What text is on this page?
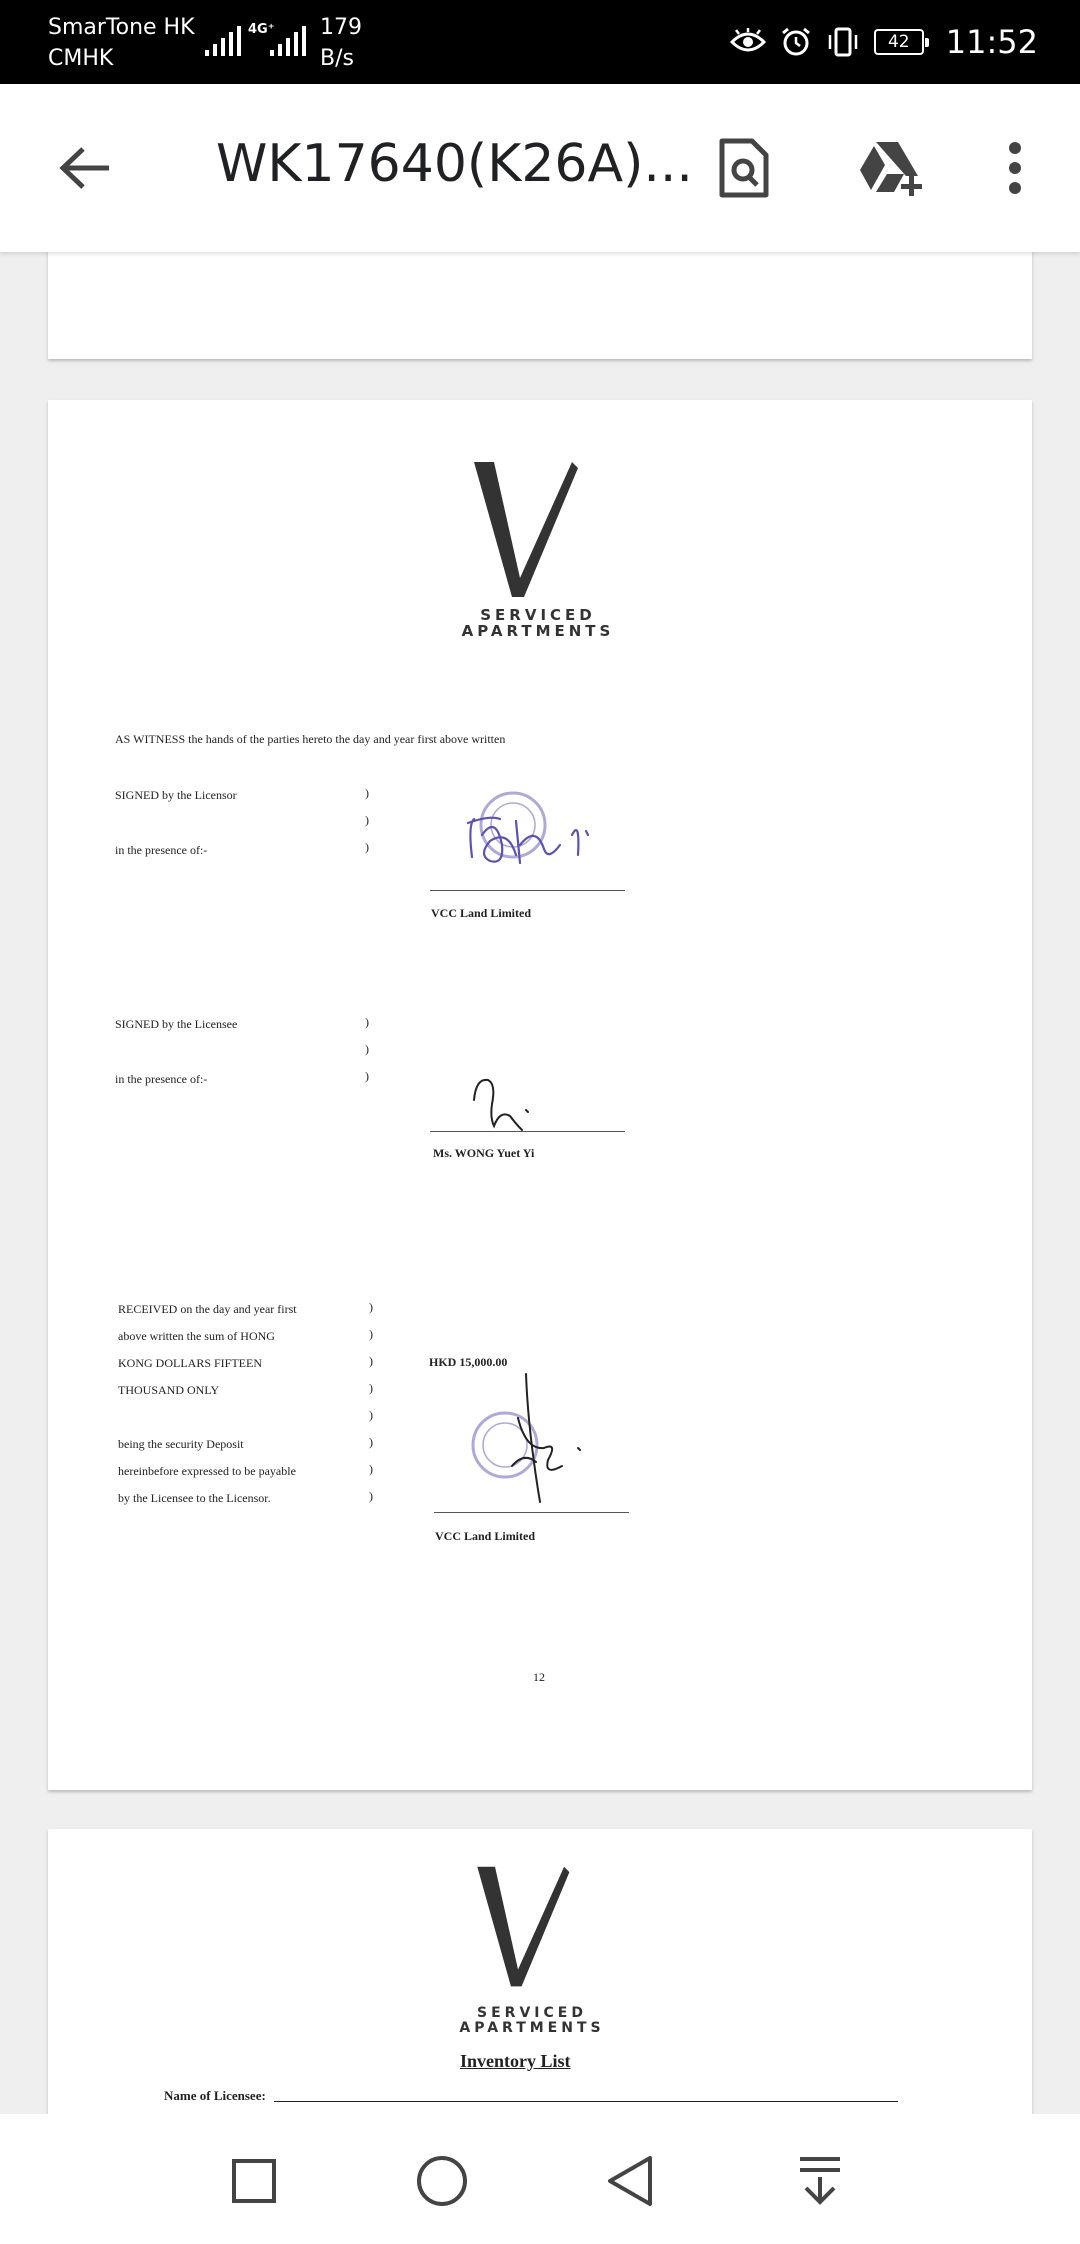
SmarTone HK
CMHK
4G⁺ 179
B/s
42 11:52
WK17640(K26A)...
SERVICED
APARTMENTS
AS WITNESS the hands of the parties hereto the day and year first above written
SIGNED by the Licensor	)
)
in the presence of:-	)
VCC Land Limited
SIGNED by the Licensee	)
)
in the presence of:-	)
Ms. WONG Yuet Yi
RECEIVED on the day and year first
above written the sum of HONG
KONG DOLLARS FIFTEEN
THOUSAND ONLY
being the security Deposit
hereinbefore expressed to be payable
by the Licensee to the Licensor.
)
)
)
)
)
)
)
)
HKD 15,000.00
VCC Land Limited
12
SERVICED
APARTMENTS
Inventory List
Name of Licensee:
